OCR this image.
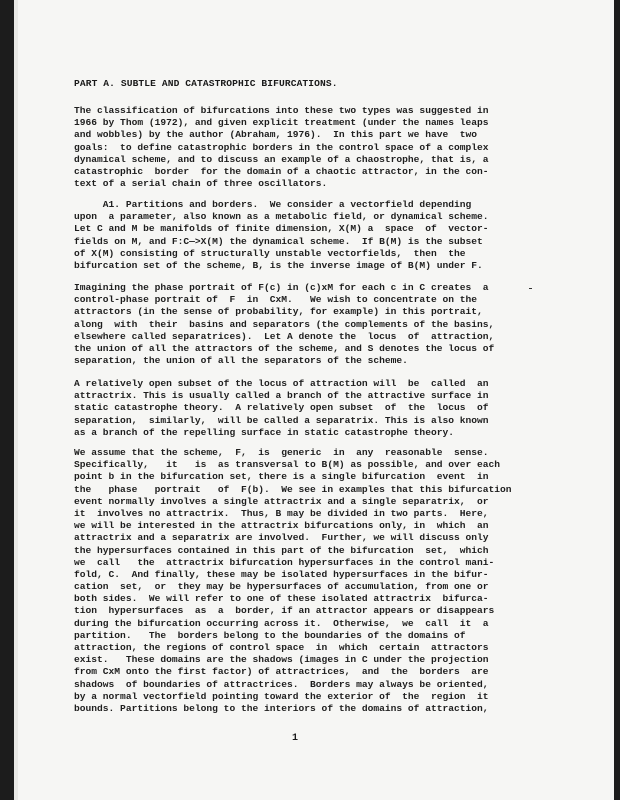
PART A. SUBTLE AND CATASTROPHIC BIFURCATIONS.
The classification of bifurcations into these two types was suggested in
1966 by Thom (1972), and given explicit treatment (under the names leaps
and wobbles) by the author (Abraham, 1976).  In this part we have  two
goals:  to define catastrophic borders in the control space of a complex
dynamical scheme, and to discuss an example of a chaostrophe, that is, a
catastrophic  border  for the domain of a chaotic attractor, in the con-
text of a serial chain of three oscillators.
A1. Partitions and borders.  We consider a vectorfield depending
upon  a parameter, also known as a metabolic field, or dynamical scheme.
Let C and M be manifolds of finite dimension, X(M) a  space  of  vector-
fields on M, and F:C—>X(M) the dynamical scheme.  If B(M) is the subset
of X(M) consisting of structurally unstable vectorfields,  then  the
bifurcation set of the scheme, B, is the inverse image of B(M) under F.
Imagining the phase portrait of F(c) in (c)xM for each c in C creates  a
control-phase portrait of  F  in  CxM.   We wish to concentrate on the
attractors (in the sense of probability, for example) in this portrait,
along  with  their  basins and separators (the complements of the basins,
elsewhere called separatrices).  Let A denote the  locus  of  attraction,
the union of all the attractors of the scheme, and S denotes the locus of
separation, the union of all the separators of the scheme.
A relatively open subset of the locus of attraction will  be  called  an
attractrix. This is usually called a branch of the attractive surface in
static catastrophe theory.  A relatively open subset  of  the  locus  of
separation,  similarly,  will be called a separatrix. This is also known
as a branch of the repelling surface in static catastrophe theory.
We assume that the scheme,  F,  is  generic  in  any  reasonable  sense.
Specifically,   it   is  as transversal to B(M) as possible, and over each
point b in the bifurcation set, there is a single bifurcation  event  in
the   phase   portrait   of  F(b).  We see in examples that this bifurcation
event normally involves a single attractrix and a single separatrix,  or
it  involves no attractrix.  Thus, B may be divided in two parts.  Here,
we will be interested in the attractrix bifurcations only, in  which  an
attractrix and a separatrix are involved.  Further, we will discuss only
the hypersurfaces contained in this part of the bifurcation  set,  which
we  call   the  attractrix bifurcation hypersurfaces in the control mani-
fold, C.  And finally, these may be isolated hypersurfaces in the bifur-
cation  set,  or  they may be hypersurfaces of accumulation, from one or
both sides.  We will refer to one of these isolated attractrix  bifurca-
tion  hypersurfaces  as  a  border, if an attractor appears or disappears
during the bifurcation occurring across it.  Otherwise,  we  call  it  a
partition.   The  borders belong to the boundaries of the domains of
attraction, the regions of control space  in  which  certain  attractors
exist.   These domains are the shadows (images in C under the projection
from CxM onto the first factor) of attractrices,  and  the  borders  are
shadows  of boundaries of attractrices.  Borders may always be oriented,
by a normal vectorfield pointing toward the exterior of  the  region  it
bounds. Partitions belong to the interiors of the domains of attraction,
1
